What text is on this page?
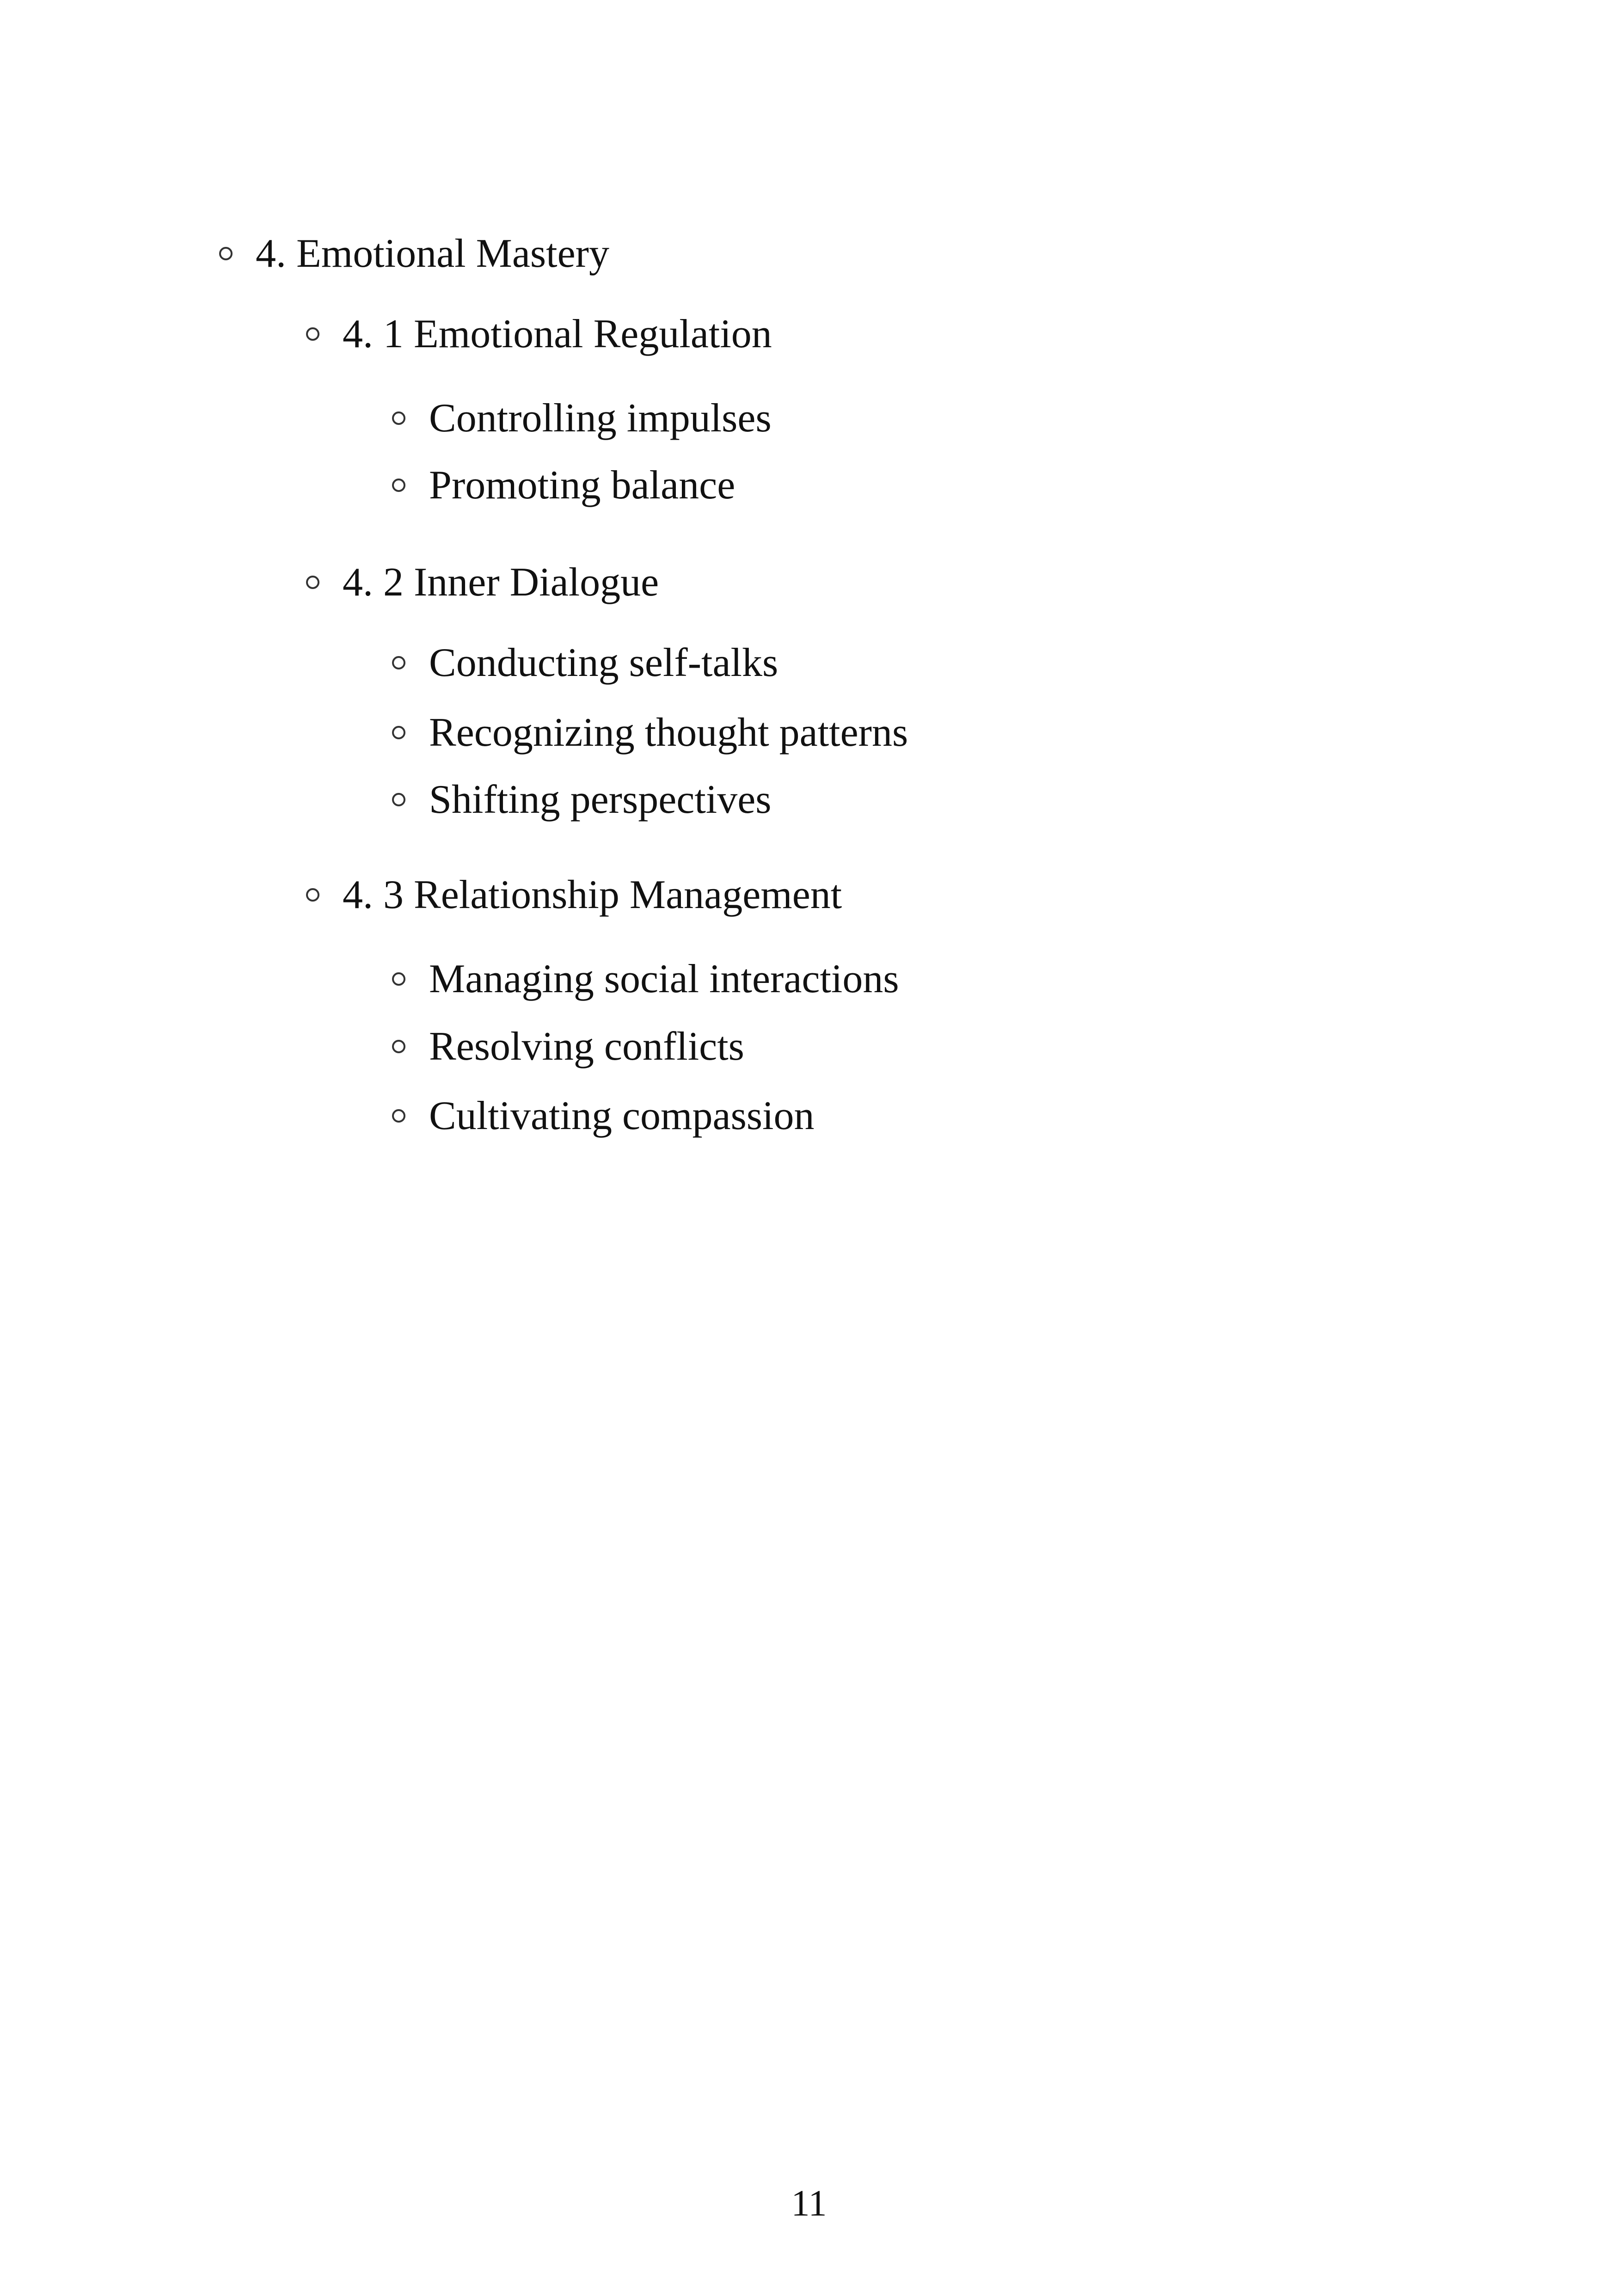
4. Emotional Mastery
4. 1 Emotional Regulation
Controlling impulses
Promoting balance
4. 2 Inner Dialogue
Conducting self-talks
Recognizing thought patterns
Shifting perspectives
4. 3 Relationship Management
Managing social interactions
Resolving conflicts
Cultivating compassion
11
